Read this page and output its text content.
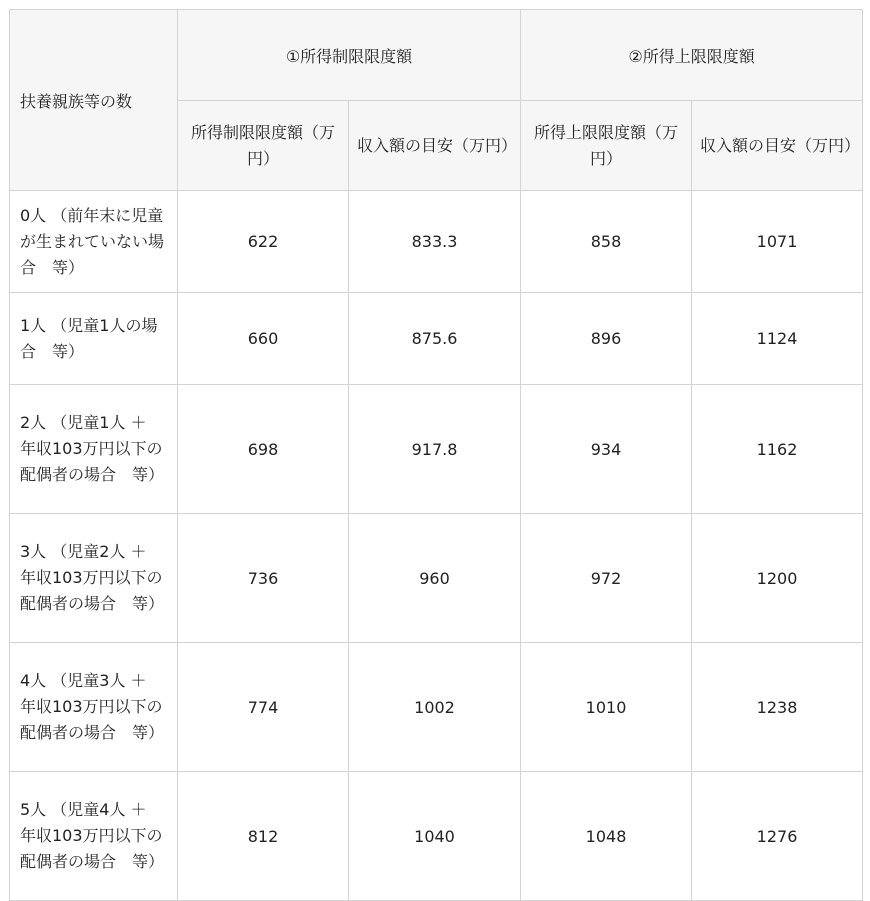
扶養親族等の数	①所得制限限度額		②所得上限限度額	
	所得制限限度額（万円）	収入額の目安（万円）	所得上限限度額（万円）	収入額の目安（万円）
0人 （前年末に児童が生まれていない場合　等）	622	833.3	858	1071
1人 （児童1人の場合　等）	660	875.6	896	1124
2人 （児童1人 ＋ 年収103万円以下の配偶者の場合　等）	698	917.8	934	1162
3人 （児童2人 ＋ 年収103万円以下の配偶者の場合　等）	736	960	972	1200
4人 （児童3人 ＋ 年収103万円以下の配偶者の場合　等）	774	1002	1010	1238
5人 （児童4人 ＋ 年収103万円以下の配偶者の場合　等）	812	1040	1048	1276
